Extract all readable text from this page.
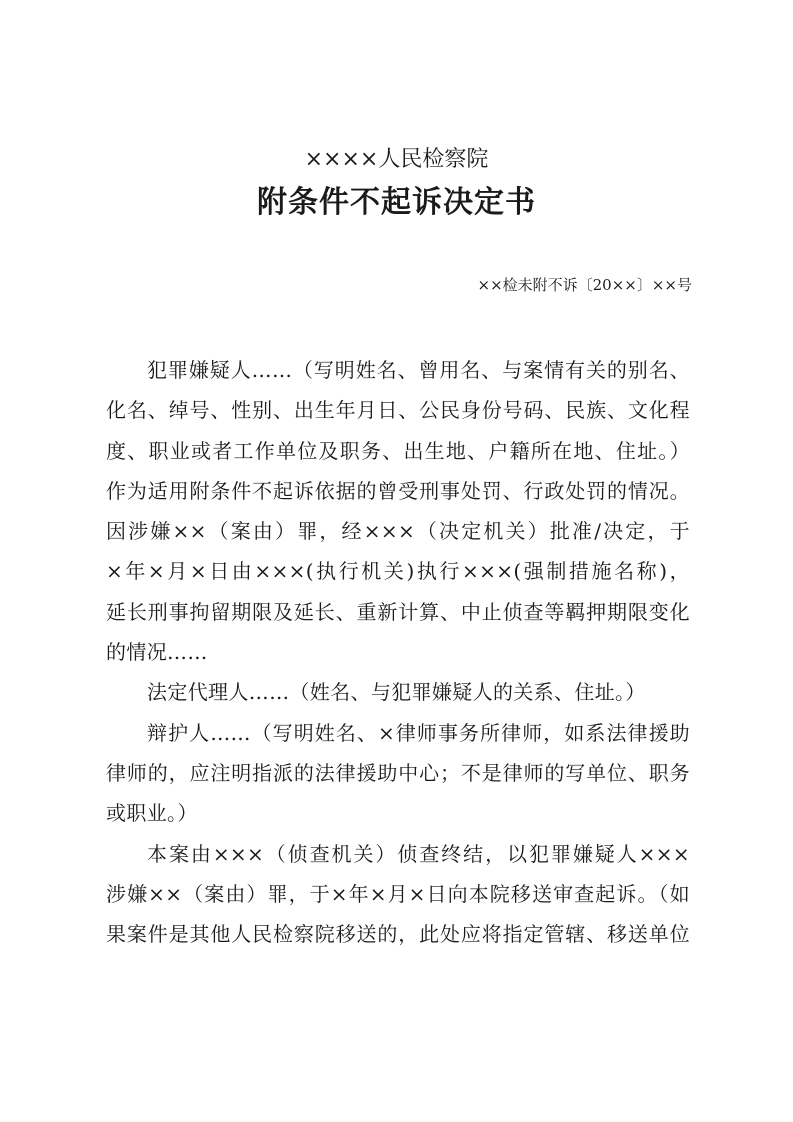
××××人民检察院
附条件不起诉决定书
××检未附不诉〔20××〕××号
犯罪嫌疑人……（写明姓名、曾用名、与案情有关的别名、
化名、绰号、性别、出生年月日、公民身份号码、民族、文化程
度、职业或者工作单位及职务、出生地、户籍所在地、住址。）
作为适用附条件不起诉依据的曾受刑事处罚、行政处罚的情况。
因涉嫌××（案由）罪，经×××（决定机关）批准/决定，于
×年×月×日由×××(执行机关)执行×××(强制措施名称)，
延长刑事拘留期限及延长、重新计算、中止侦查等羁押期限变化
的情况……
法定代理人……（姓名、与犯罪嫌疑人的关系、住址。）
辩护人……（写明姓名、×律师事务所律师，如系法律援助
律师的，应注明指派的法律援助中心；不是律师的写单位、职务
或职业。）
本案由×××（侦查机关）侦查终结，以犯罪嫌疑人×××
涉嫌××（案由）罪，于×年×月×日向本院移送审查起诉。（如
果案件是其他人民检察院移送的，此处应将指定管辖、移送单位
